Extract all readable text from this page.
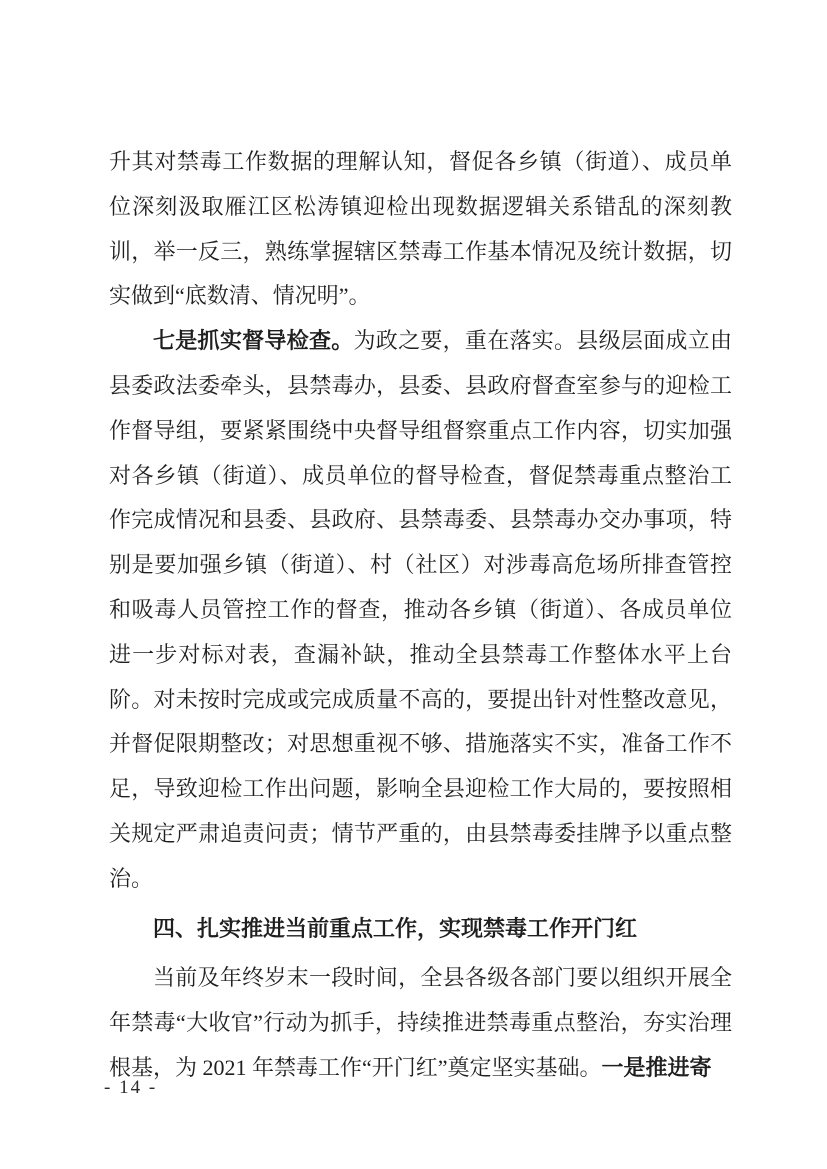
升其对禁毒工作数据的理解认知，督促各乡镇（街道）、成员单位深刻汲取雁江区松涛镇迎检出现数据逻辑关系错乱的深刻教训，举一反三，熟练掌握辖区禁毒工作基本情况及统计数据，切实做到“底数清、情况明”。

七是抓实督导检查。为政之要，重在落实。县级层面成立由县委政法委牵头，县禁毒办，县委、县政府督查室参与的迎检工作督导组，要紧紧围绕中央督导组督察重点工作内容，切实加强对各乡镇（街道）、成员单位的督导检查，督促禁毒重点整治工作完成情况和县委、县政府、县禁毒委、县禁毒办交办事项，特别是要加强乡镇（街道）、村（社区）对涉毒高危场所排查管控和吸毒人员管控工作的督查，推动各乡镇（街道）、各成员单位进一步对标对表，查漏补缺，推动全县禁毒工作整体水平上台阶。对未按时完成或完成质量不高的，要提出针对性整改意见，并督促限期整改；对思想重视不够、措施落实不实，准备工作不足，导致迎检工作出问题，影响全县迎检工作大局的，要按照相关规定严肃追责问责；情节严重的，由县禁毒委挂牌予以重点整治。

四、扎实推进当前重点工作，实现禁毒工作开门红

当前及年终岁末一段时间，全县各级各部门要以组织开展全年禁毒“大收官”行动为抓手，持续推进禁毒重点整治，夯实治理根基，为 2021 年禁毒工作“开门红”奠定坚实基础。一是推进寄

- 14 -
